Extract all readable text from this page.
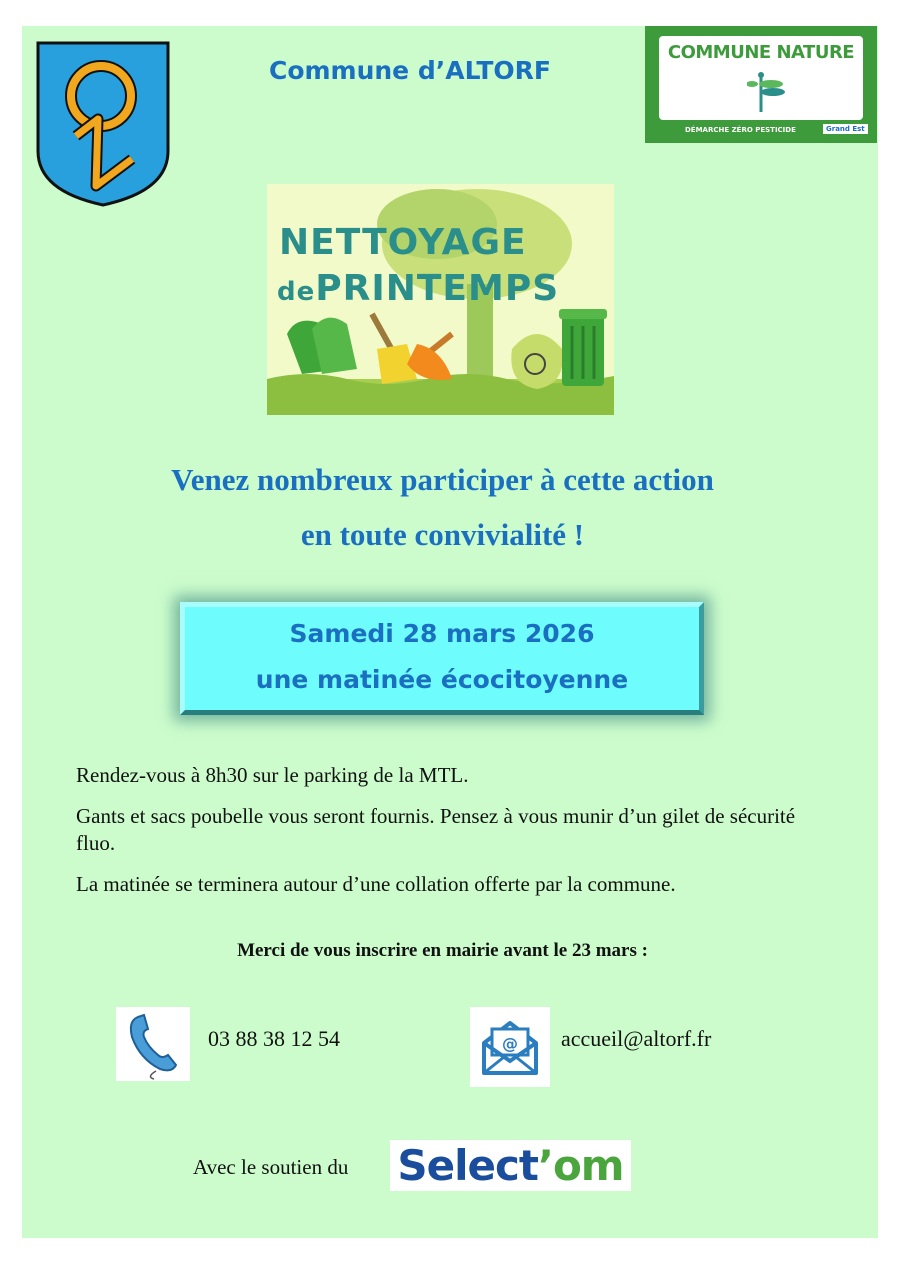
Commune d’ALTORF
COMMUNE NATURE
DÉMARCHE ZÉRO PESTICIDE	Grand Est
NETTOYAGE
dePRINTEMPS
Venez nombreux participer à cette action
en toute convivialité !
Samedi 28 mars 2026
une matinée écocitoyenne

Rendez-vous à 8h30 sur le parking de la MTL.

Gants et sacs poubelle vous seront fournis. Pensez à vous munir d’un gilet de sécurité fluo.

La matinée se terminera autour d’une collation offerte par la commune.

Merci de vous inscrire en mairie avant le 23 mars :
03 88 38 12 54	@ accueil@altorf.fr
Avec le soutien du Select’om
